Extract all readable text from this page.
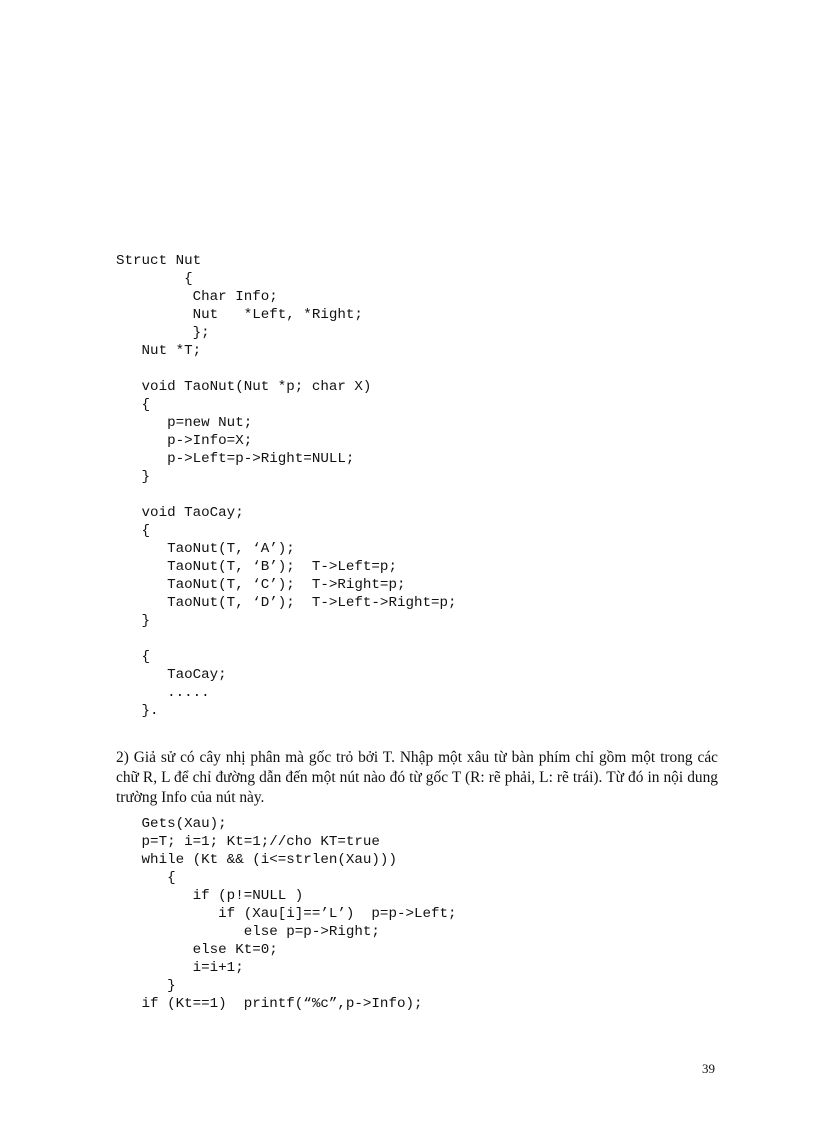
Struct Nut
{
Char Info;
Nut   *Left, *Right;
};
Nut *T;

void TaoNut(Nut *p; char X)
{
p=new Nut;
p->Info=X;
p->Left=p->Right=NULL;
}

void TaoCay;
{
TaoNut(T, ‘A’);
TaoNut(T, ‘B’);  T->Left=p;
TaoNut(T, ‘C’);  T->Right=p;
TaoNut(T, ‘D’);  T->Left->Right=p;
}

{
TaoCay;
.....
}.

2) Giả sử có cây nhị phân mà gốc trỏ bởi T. Nhập một xâu từ bàn phím chỉ gồm một trong các chữ R, L để chỉ đường dẫn đến một nút nào đó từ gốc T (R: rẽ phải, L: rẽ trái). Từ đó in nội dung trường Info của nút này.

Gets(Xau);
p=T; i=1; Kt=1;//cho KT=true
while (Kt && (i<=strlen(Xau)))
{
if (p!=NULL )
if (Xau[i]==’L’)  p=p->Left;
else p=p->Right;
else Kt=0;
i=i+1;
}
if (Kt==1)  printf(“%c”,p->Info);
39
